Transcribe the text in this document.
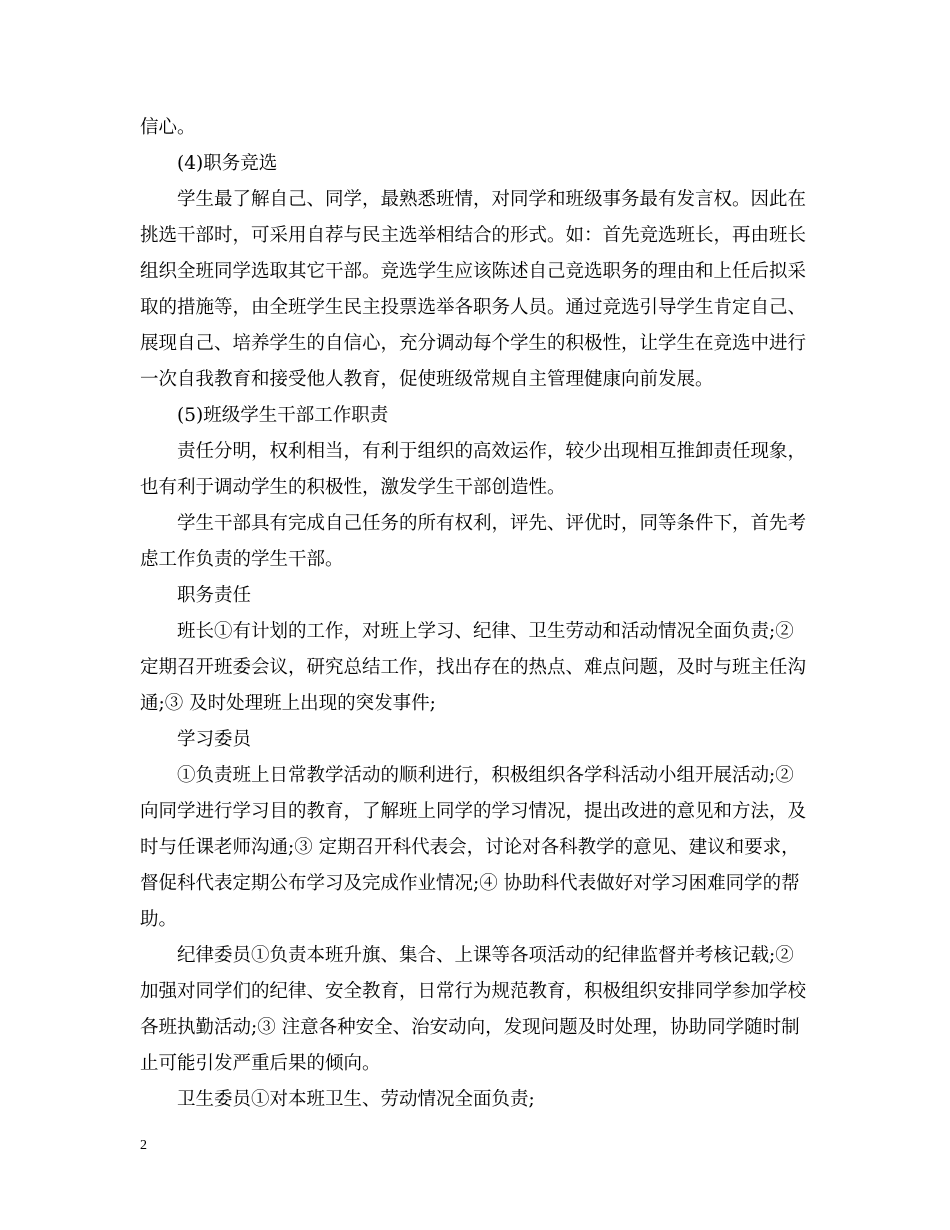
信心。
(4)职务竞选
学生最了解自己、同学，最熟悉班情，对同学和班级事务最有发言权。因此在
挑选干部时，可采用自荐与民主选举相结合的形式。如：首先竞选班长，再由班长
组织全班同学选取其它干部。竞选学生应该陈述自己竞选职务的理由和上任后拟采
取的措施等，由全班学生民主投票选举各职务人员。通过竞选引导学生肯定自己、
展现自己、培养学生的自信心，充分调动每个学生的积极性，让学生在竞选中进行
一次自我教育和接受他人教育，促使班级常规自主管理健康向前发展。
(5)班级学生干部工作职责
责任分明，权利相当，有利于组织的高效运作，较少出现相互推卸责任现象，
也有利于调动学生的积极性，激发学生干部创造性。
学生干部具有完成自己任务的所有权利，评先、评优时，同等条件下，首先考
虑工作负责的学生干部。
职务责任
班长①有计划的工作，对班上学习、纪律、卫生劳动和活动情况全面负责;②
定期召开班委会议，研究总结工作，找出存在的热点、难点问题，及时与班主任沟
通;③ 及时处理班上出现的突发事件;
学习委员
①负责班上日常教学活动的顺利进行，积极组织各学科活动小组开展活动;②
向同学进行学习目的教育，了解班上同学的学习情况，提出改进的意见和方法，及
时与任课老师沟通;③ 定期召开科代表会，讨论对各科教学的意见、建议和要求，
督促科代表定期公布学习及完成作业情况;④ 协助科代表做好对学习困难同学的帮
助。
纪律委员①负责本班升旗、集合、上课等各项活动的纪律监督并考核记载;②
加强对同学们的纪律、安全教育，日常行为规范教育，积极组织安排同学参加学校
各班执勤活动;③ 注意各种安全、治安动向，发现问题及时处理，协助同学随时制
止可能引发严重后果的倾向。
卫生委员①对本班卫生、劳动情况全面负责;
2
